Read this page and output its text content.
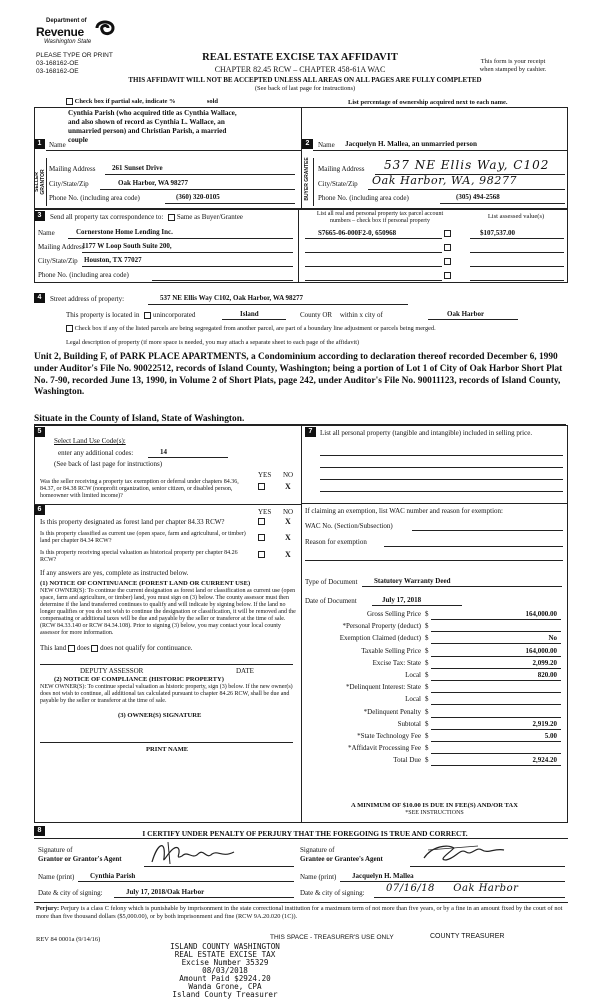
Department of
Revenue
Washington State
PLEASE TYPE OR PRINT
03-168162-OE
03-168162-OE
REAL ESTATE EXCISE TAX AFFIDAVIT
CHAPTER 82.45 RCW – CHAPTER 458-61A WAC
This form is your receipt
when stamped by cashier.
THIS AFFIDAVIT WILL NOT BE ACCEPTED UNLESS ALL AREAS ON ALL PAGES ARE FULLY COMPLETED
(See back of last page for instructions)
Check box if partial sale, indicate %	sold	List percentage of ownership acquired next to each name.
SELLER GRANTOR
1	Name
Cynthia Parish (who acquired title as Cynthia Wallace,
and also shown of record as Cynthia L. Wallace, an
unmarried person) and Christian Parish, a married
couple
Mailing Address 261 Sunset Drive
City/State/Zip	Oak Harbor, WA 98277
Phone No. (including area code)	(360) 320-0105	BUYER GRANTEE
2	Name Jacquelyn H. Mallea, an unmarried person
Mailing Address 537 NE Ellis Way, C102
City/State/Zip Oak Harbor, WA, 98277
Phone No. (including area code)	(305) 494-2568
3	Send all property tax correspondence to: Same as Buyer/Grantee
Name	Cornerstone Home Lending Inc.
Mailing Address
1177 W Loop South Suite 200,
City/State/Zip Houston, TX 77027
Phone No. (including area code)
List all real and personal property tax parcel account
numbers – check box if personal property
List assessed value(s)
S7665-06-000F2-0, 650968	$107,537.00
4	Street address of property:	537 NE Ellis Way C102, Oak Harbor, WA 98277
This property is located in unincorporated	Island	County OR within x city of	Oak Harbor
Check box if any of the listed parcels are being segregated from another parcel, are part of a boundary line adjustment or parcels being merged.
Legal description of property (if more space is needed, you may attach a separate sheet to each page of the affidavit)
Unit 2, Building F, of PARK PLACE APARTMENTS, a Condominium according to declaration thereof recorded December 6, 1990 under Auditor's File No. 90022512, records of Island County, Washington; being a portion of Lot 1 of City of Oak Harbor Short Plat No. 7-90, recorded June 13, 1990, in Volume 2 of Short Plats, page 242, under Auditor's File No. 90011123, records of Island County, Washington.
Situate in the County of Island, State of Washington.
5
Select Land Use Code(s):
enter any additional codes:	14
(See back of last page for instructions)
YES NO
Was the seller receiving a property tax exemption or deferral under chapters 84.36, 84.37, or 84.38 RCW (nonprofit organization, senior citizen, or disabled person, homeowner with limited income)?
X
6	YES NO
Is this property designated as forest land per chapter 84.33 RCW?	X
Is this property classified as current use (open space, farm and agricultural, or timber) land per chapter 84.34 RCW?	X
Is this property receiving special valuation as historical property per chapter 84.26 RCW?
X
If any answers are yes, complete as instructed below.
(1) NOTICE OF CONTINUANCE (FOREST LAND OR CURRENT USE)
NEW OWNER(S): To continue the current designation as forest land or classification as current use (open space, farm and agriculture, or timber) land, you must sign on (3) below. The county assessor must then determine if the land transferred continues to qualify and will indicate by signing below. If the land no longer qualifies or you do not wish to continue the designation or classification, it will be removed and the compensating or additional taxes will be due and payable by the seller or transferor at the time of sale. (RCW 84.33.140 or RCW 84.34.108). Prior to signing (3) below, you may contact your local county assessor for more information.
This land does does not qualify for continuance.
DEPUTY ASSESSOR	DATE
(2) NOTICE OF COMPLIANCE (HISTORIC PROPERTY)
NEW OWNER(S): To continue special valuation as historic property, sign (3) below. If the new owner(s) does not wish to continue, all additional tax calculated pursuant to chapter 84.26 RCW, shall be due and payable by the seller or transferor at the time of sale.
(3) OWNER(S) SIGNATURE
PRINT NAME
7	List all personal property (tangible and intangible) included in selling price.
If claiming an exemption, list WAC number and reason for exemption:
WAC No. (Section/Subsection)
Reason for exemption
Type of Document Statutory Warranty Deed
Date of Document	July 17, 2018
Gross Selling Price $	164,000.00
*Personal Property (deduct) $
Exemption Claimed (deduct) $	No
Taxable Selling Price $	164,000.00
Excise Tax: State $	2,099.20
Local $	820.00
*Delinquent Interest: State $
Local $
*Delinquent Penalty $
Subtotal $	2,919.20
*State Technology Fee $	5.00
*Affidavit Processing Fee $
Total Due $	2,924.20
A MINIMUM OF $10.00 IS DUE IN FEE(S) AND/OR TAX
*SEE INSTRUCTIONS
8	I CERTIFY UNDER PENALTY OF PERJURY THAT THE FOREGOING IS TRUE AND CORRECT.
Signature of
Grantor or Grantor's Agent
Signature of
Grantee or Grantee's Agent
Name (print) Cynthia Parish	Name (print) Jacquelyn H. Mallea
Date & city of signing:	July 17, 2018/Oak Harbor	Date & city of signing: 07/16/18     Oak Harbor
Perjury: Perjury is a class C felony which is punishable by imprisonment in the state correctional institution for a maximum term of not more than five years, or by a fine in an amount fixed by the court of not more than five thousand dollars ($5,000.00), or by both imprisonment and fine (RCW 9A.20.020 (1C)).
REV 84 0001a (9/14/16)	THIS SPACE - TREASURER'S USE ONLY	COUNTY TREASURER
ISLAND COUNTY WASHINGTON
REAL ESTATE EXCISE TAX
Excise Number 35329
08/03/2018
Amount Paid $2924.20
Wanda Grone, CPA
Island County Treasurer
